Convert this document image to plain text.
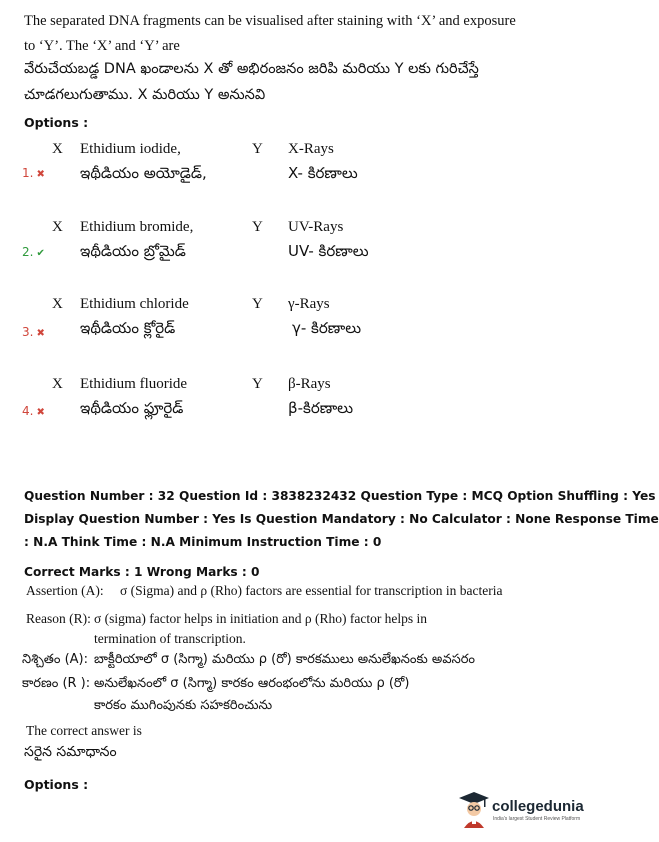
The separated DNA fragments can be visualised after staining with ‘X’ and exposure
to ‘Y’. The ‘X’ and ‘Y’ are
వేరుచేయబడ్డ DNA ఖండాలను X తో అభిరంజనం జరిపి మరియు Y లకు గురిచేస్తే
చూడగలుగుతాము. X మరియు Y అనునవి
Options :
1. ✖
X Ethidium iodide,
ఇథీడియం అయోడైడ్,
Y X-Rays
X- కిరణాలు
2. ✔
X Ethidium bromide,
ఇథీడియం బ్రోమైడ్
Y UV-Rays
UV- కిరణాలు
3. ✖
X Ethidium chloride
ఇథీడియం క్లోరైడ్
Y γ-Rays
γ- కిరణాలు
4. ✖
X Ethidium fluoride
ఇథీడియం ఫ్లూరైడ్
Y β-Rays
β-కిరణాలు
Question Number : 32 Question Id : 3838232432 Question Type : MCQ Option Shuffling : Yes
Display Question Number : Yes Is Question Mandatory : No Calculator : None Response Time
: N.A Think Time : N.A Minimum Instruction Time : 0
Correct Marks : 1 Wrong Marks : 0
Assertion (A): σ (Sigma) and ρ (Rho) factors are essential for transcription in bacteria
Reason (R): σ (sigma) factor helps in initiation and ρ (Rho) factor helps in
termination of transcription.
నిశ్చితం (A): బాక్టీరియాలో σ (సిగ్మా) మరియు ρ (రో) కారకములు అనులేఖనంకు అవసరం
కారణం (R ): అనులేఖనంలో σ (సిగ్మా) కారకం ఆరంభంలోను మరియు ρ (రో)
కారకం ముగింపునకు సహకరించును
The correct answer is
సరైన సమాధానం
Options :
collegedunia
India's largest Student Review Platform
